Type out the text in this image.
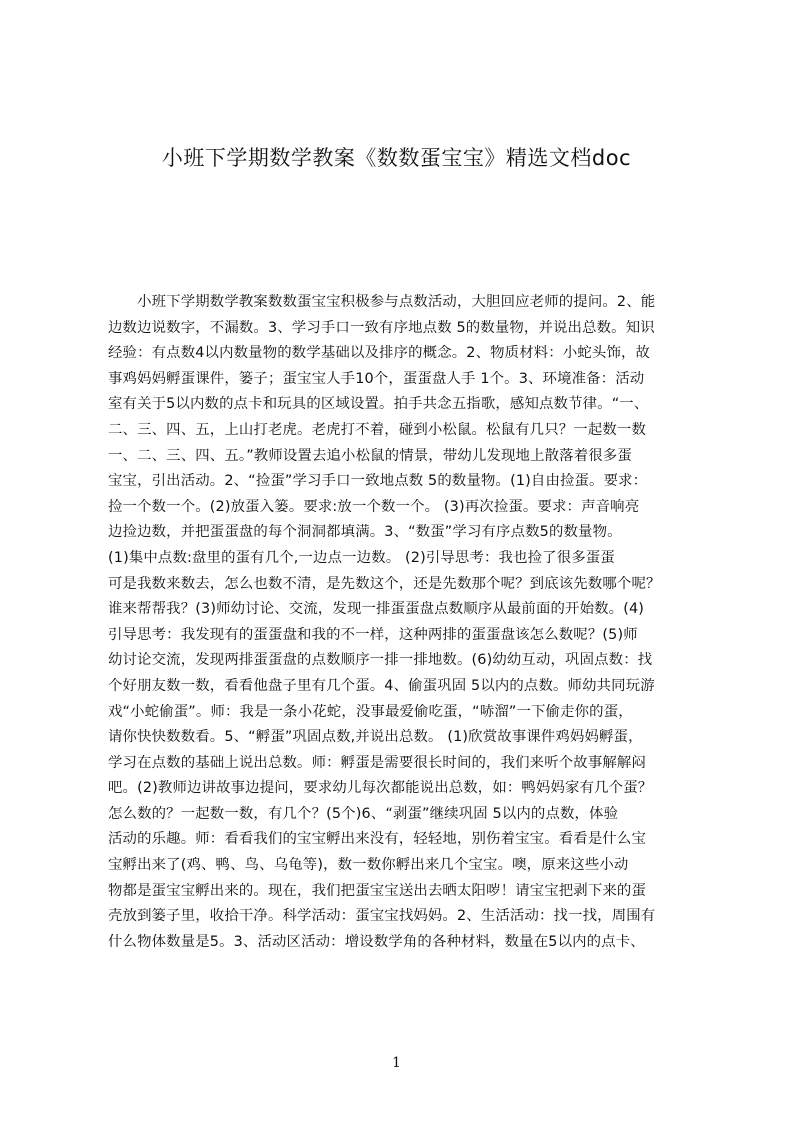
小班下学期数学教案《数数蛋宝宝》精选文档doc
　　小班下学期数学教案数数蛋宝宝积极参与点数活动，大胆回应老师的提问。2、能
边数边说数字，不漏数。3、学习手口一致有序地点数 5的数量物，并说出总数。知识
经验：有点数4以内数量物的数学基础以及排序的概念。2、物质材料：小蛇头饰，故
事鸡妈妈孵蛋课件，篓子；蛋宝宝人手10个，蛋蛋盘人手 1个。3、环境准备：活动
室有关于5以内数的点卡和玩具的区域设置。拍手共念五指歌，感知点数节律。“一、
二、三、四、五，上山打老虎。老虎打不着，碰到小松鼠。松鼠有几只？一起数一数
一、二、三、四、五。”教师设置去追小松鼠的情景，带幼儿发现地上散落着很多蛋
宝宝，引出活动。2、“捡蛋”学习手口一致地点数 5的数量物。(1)自由捡蛋。要求：
捡一个数一个。(2)放蛋入篓。要求:放一个数一个。 (3)再次捡蛋。要求：声音响亮
边捡边数，并把蛋蛋盘的每个洞洞都填满。3、“数蛋”学习有序点数5的数量物。
(1)集中点数:盘里的蛋有几个,一边点一边数。 (2)引导思考：我也捡了很多蛋蛋
可是我数来数去，怎么也数不清，是先数这个，还是先数那个呢？到底该先数哪个呢？
谁来帮帮我？(3)师幼讨论、交流，发现一排蛋蛋盘点数顺序从最前面的开始数。(4)
引导思考：我发现有的蛋蛋盘和我的不一样，这种两排的蛋蛋盘该怎么数呢？(5)师
幼讨论交流，发现两排蛋蛋盘的点数顺序一排一排地数。(6)幼幼互动，巩固点数：找
个好朋友数一数，看看他盘子里有几个蛋。4、偷蛋巩固 5以内的点数。师幼共同玩游
戏“小蛇偷蛋”。师：我是一条小花蛇，没事最爱偷吃蛋，“哧溜”一下偷走你的蛋，
请你快快数数看。5、“孵蛋”巩固点数,并说出总数。 (1)欣赏故事课件鸡妈妈孵蛋，
学习在点数的基础上说出总数。师：孵蛋是需要很长时间的，我们来听个故事解解闷
吧。(2)教师边讲故事边提问，要求幼儿每次都能说出总数，如：鸭妈妈家有几个蛋？
怎么数的？一起数一数，有几个？(5个)6、“剥蛋”继续巩固 5以内的点数，体验
活动的乐趣。师：看看我们的宝宝孵出来没有，轻轻地，别伤着宝宝。看看是什么宝
宝孵出来了(鸡、鸭、鸟、乌龟等)，数一数你孵出来几个宝宝。噢，原来这些小动
物都是蛋宝宝孵出来的。现在，我们把蛋宝宝送出去晒太阳哕！请宝宝把剥下来的蛋
壳放到篓子里，收拾干净。科学活动：蛋宝宝找妈妈。2、生活活动：找一找，周围有
什么物体数量是5。3、活动区活动：增设数学角的各种材料，数量在5以内的点卡、
1
